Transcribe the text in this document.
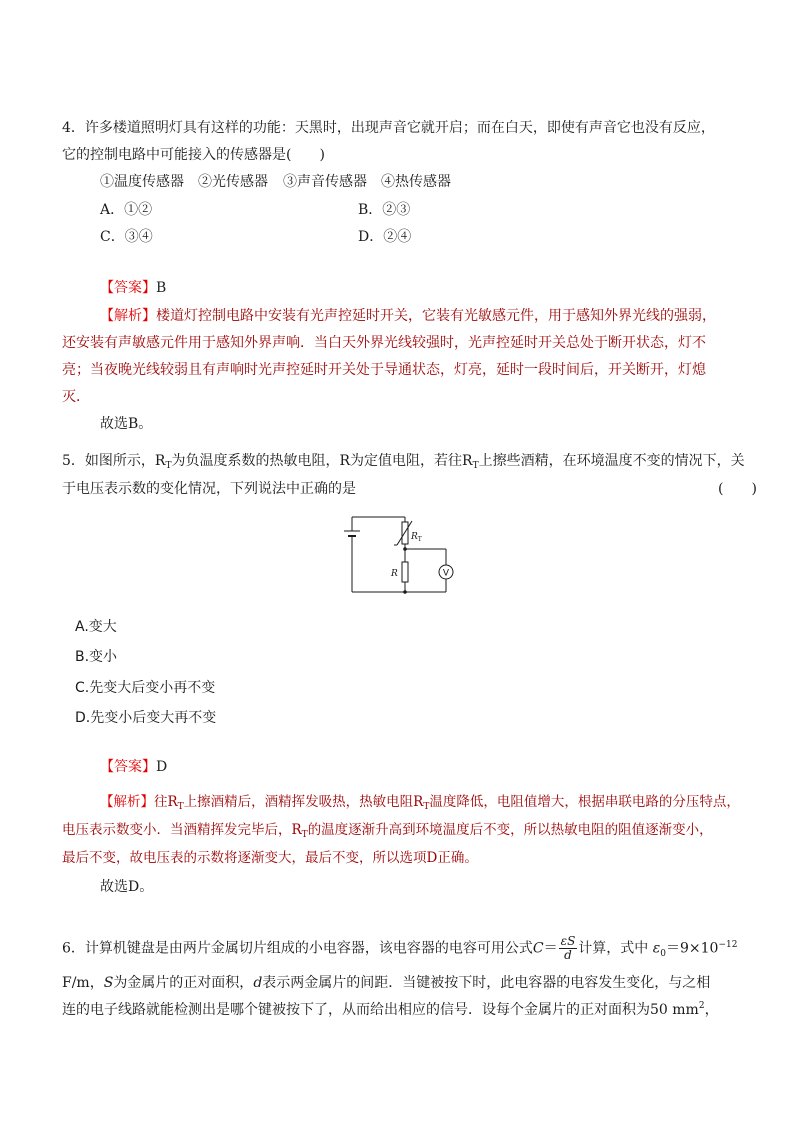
4．许多楼道照明灯具有这样的功能：天黑时，出现声音它就开启；而在白天，即使有声音它也没有反应，
它的控制电路中可能接入的传感器是(　　)
①温度传感器 ②光传感器 ③声音传感器 ④热传感器
A．①②	B．②③
C．③④	D．②④
【答案】B
【解析】楼道灯控制电路中安装有光声控延时开关，它装有光敏感元件，用于感知外界光线的强弱，
还安装有声敏感元件用于感知外界声响．当白天外界光线较强时，光声控延时开关总处于断开状态，灯不
亮；当夜晚光线较弱且有声响时光声控延时开关处于导通状态，灯亮，延时一段时间后，开关断开，灯熄
灭．
故选B。
5．如图所示，$R_T$为负温度系数的热敏电阻，R为定值电阻，若往$R_T$上擦些酒精，在环境温度不变的情况下，关
于电压表示数的变化情况，下列说法中正确的是	(　　)
V
$R_T$
R
A.变大
B.变小
C.先变大后变小再不变
D.先变小后变大再不变
【答案】D
【解析】往$R_T$上擦酒精后，酒精挥发吸热，热敏电阻$R_T$温度降低，电阻值增大，根据串联电路的分压特点，
电压表示数变小．当酒精挥发完毕后，$R_T$的温度逐渐升高到环境温度后不变，所以热敏电阻的阻值逐渐变小，
最后不变，故电压表的示数将逐渐变大，最后不变，所以选项D正确。
故选D。
6．计算机键盘是由两片金属切片组成的小电容器，该电容器的电容可用公式$C= \frac{\varepsilon S}{d}$ 计算，式中 $\varepsilon_0=9\times 10^{-12}$
F/m，S为金属片的正对面积，d表示两金属片的间距．当键被按下时，此电容器的电容发生变化，与之相
连的电子线路就能检测出是哪个键被按下了，从而给出相应的信号．设每个金属片的正对面积为50 $mm^2$，
